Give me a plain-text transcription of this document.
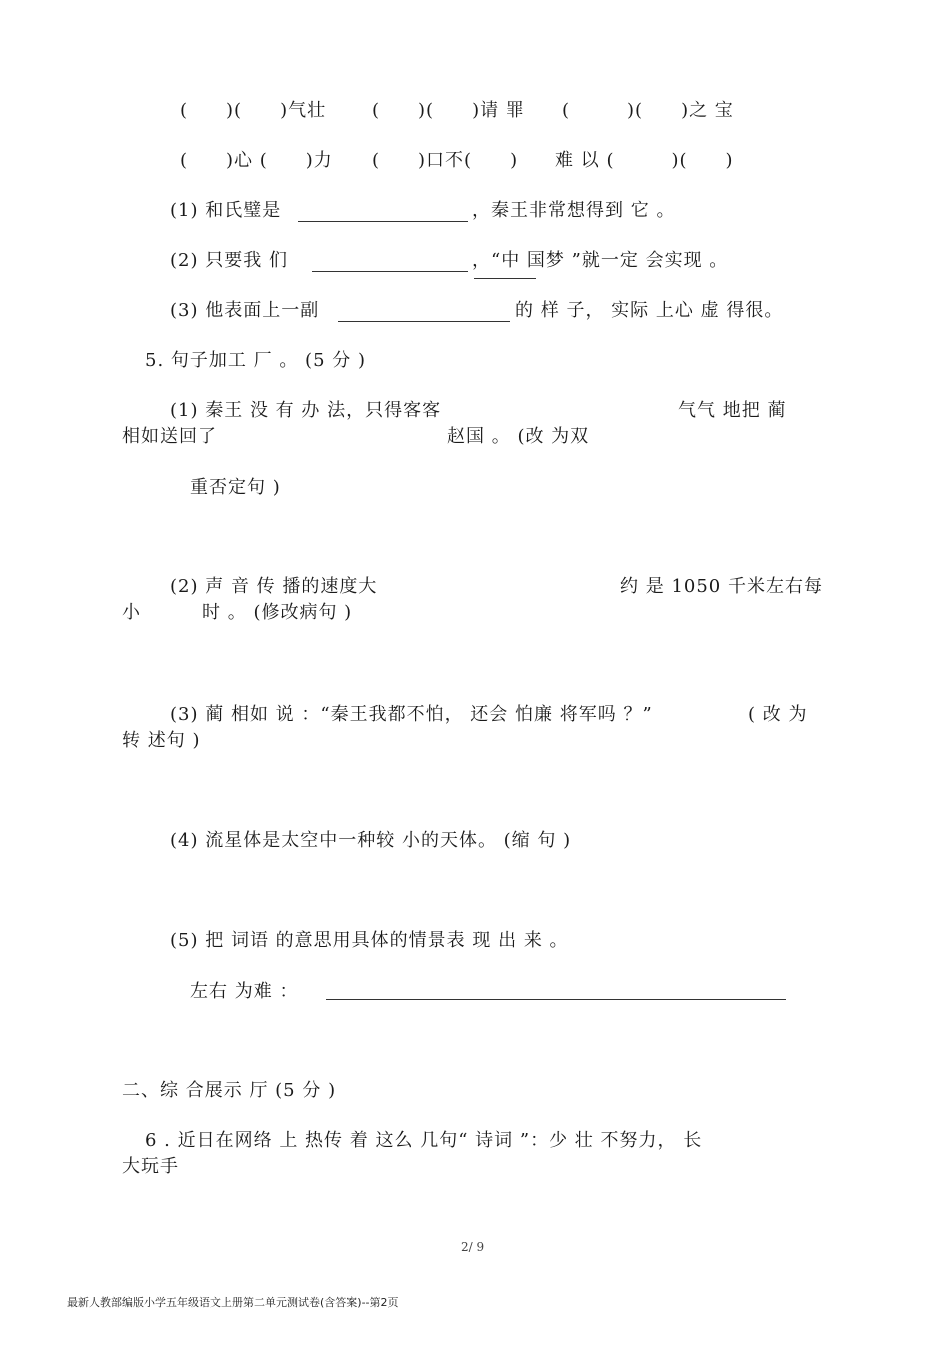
(　　)(　　)气壮	(　　)(　　)请 罪 (　　　)(　　)之 宝
(　　)心 (　　)力 (　　)口不(　　) 难 以 (　　　)(　　)
(1) 和氏璧是	，秦王非常想得到 它 。
(2) 只要我 们	，“中 国梦 ”就一定 会实现 。
(3) 他表面上一副	的 样 子， 实际 上心 虚 得很。
5. 句子加工 厂 。 (5 分 )
(1) 秦王 没 有 办 法，只得客客	气气 地把 蔺
相如送回了	赵国 。 (改 为双
重否定句 )
(2) 声 音 传 播的速度大	约 是 1050 千米左右每
小	时 。 (修改病句 )
(3) 蔺 相如 说 ：“秦王我都不怕， 还会 怕廉 将军吗 ？”	( 改 为
转 述句 )
(4) 流星体是太空中一种较 小的天体。 (缩 句 )
(5) 把 词语 的意思用具体的情景表 现 出 来 。
左右 为难 ：
二、综 合展示 厅 (5 分 )
6 . 近日在网络 上 热传 着 这么 几句“ 诗词 ”：少 壮 不努力， 长
大玩手
2/ 9
最新人教部编版小学五年级语文上册第二单元测试卷(含答案)--第2页
